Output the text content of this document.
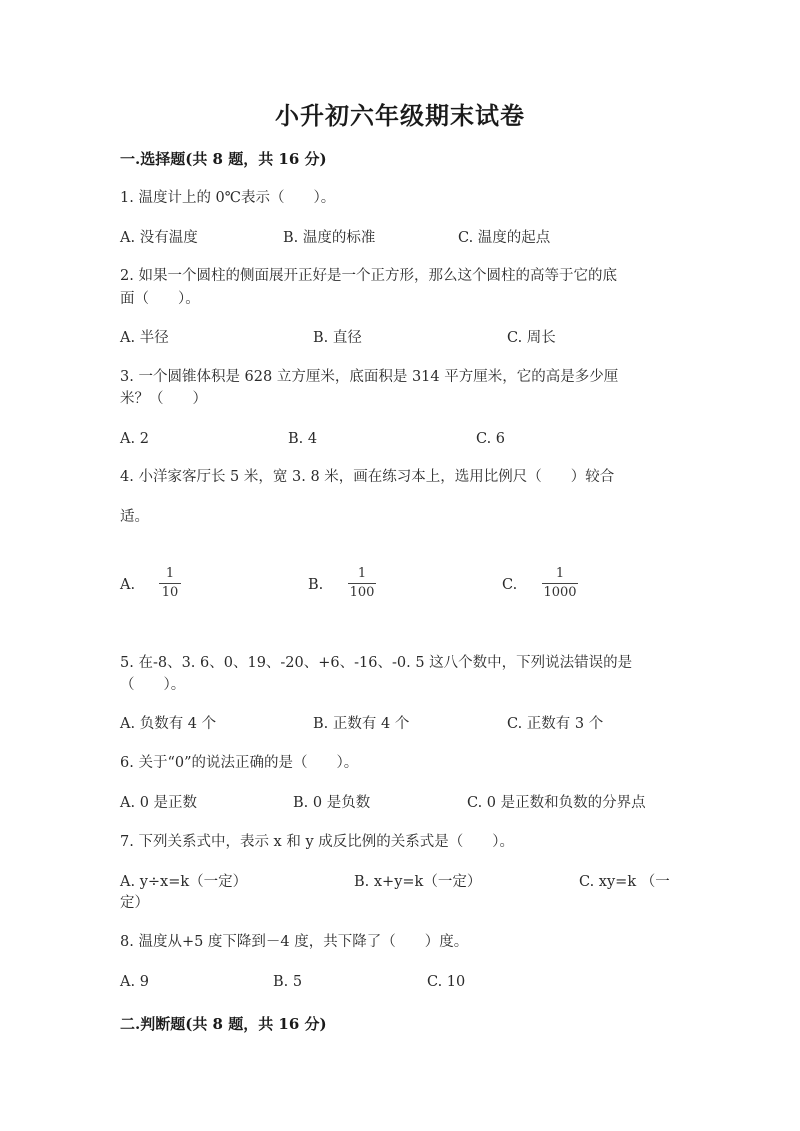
小升初六年级期末试卷
一.选择题(共 8 题，共 16 分)
1. 温度计上的 0℃表示（　　）。
A. 没有温度	B. 温度的标准	C. 温度的起点
2. 如果一个圆柱的侧面展开正好是一个正方形，那么这个圆柱的高等于它的底
面（　　）。
A. 半径	B. 直径	C. 周长
3. 一个圆锥体积是 628 立方厘米，底面积是 314 平方厘米，它的高是多少厘
米？（　　）
A. 2	B. 4	C. 6
4. 小洋家客厅长 5 米，宽 3. 8 米，画在练习本上，选用比例尺（　　）较合
适。
A.
1
10	B.
1
100	C.
1
1000
5. 在-8、3. 6、0、19、-20、+6、-16、-0. 5 这八个数中，下列说法错误的是
（　　）。
A. 负数有 4 个	B. 正数有 4 个	C. 正数有 3 个
6. 关于“0”的说法正确的是（　　）。
A. 0 是正数	B. 0 是负数	C. 0 是正数和负数的分界点
7. 下列关系式中，表示 x 和 y 成反比例的关系式是（　　）。
A. y÷x=k（一定）	B. x+y=k（一定）	C. xy=k （一
定）
8. 温度从+5 度下降到－4 度，共下降了（　　）度。
A. 9	B. 5	C. 10
二.判断题(共 8 题，共 16 分)
